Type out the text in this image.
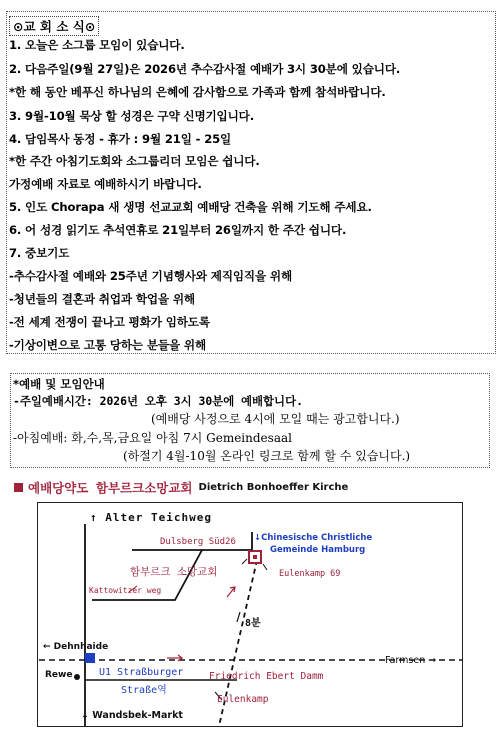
⊙교 회 소 식⊙
1. 오늘은 소그룹 모임이 있습니다.
2. 다음주일(9월 27일)은 2026년 추수감사절 예배가 3시 30분에 있습니다.
*한 해 동안 베푸신 하나님의 은혜에 감사함으로 가족과 함께 참석바랍니다.
3. 9월-10월 묵상 할 성경은 구약 신명기입니다.
4. 담임목사 동정 - 휴가 : 9월 21일 - 25일
*한 주간 아침기도회와 소그룹리더 모임은 쉽니다.
가정예배 자료로 예배하시기 바랍니다.
5. 인도 Chorapa 새 생명 선교교회 예배당 건축을 위해 기도해 주세요.
6. 어 성경 읽기도 추석연휴로 21일부터 26일까지 한 주간 쉽니다.
7. 중보기도
-추수감사절 예배와 25주년 기념행사와 제직임직을 위해
-청년들의 결혼과 취업과 학업을 위해
-전 세계 전쟁이 끝나고 평화가 임하도록
-기상이변으로 고통 당하는 분들을 위해
*예배 및 모임안내
-주일예배시간: 2026년 오후 3시 30분에 예배합니다.
(예배당 사정으로 4시에 모일 때는 광고합니다.)
-아침예배: 화,수,목,금요일 아침 7시 Gemeindesaal
(하절기 4월-10월 온라인 링크로 함께 할 수 있습니다.)
예배당약도 함부르크소망교회 Dietrich Bonhoeffer Kirche
↑ Alter Teichweg
Dulsberg Süd26 ↓Chinesische Christliche
Gemeinde Hamburg
함부르크 소망교회	Eulenkamp 69
Kattowitzer weg
8분
← Dehnhaide
Rewe
Farmsen →
U1 Straßburger
Straße역
Friedrich Ebert Damm
Eulenkamp
↓ Wandsbek-Markt
